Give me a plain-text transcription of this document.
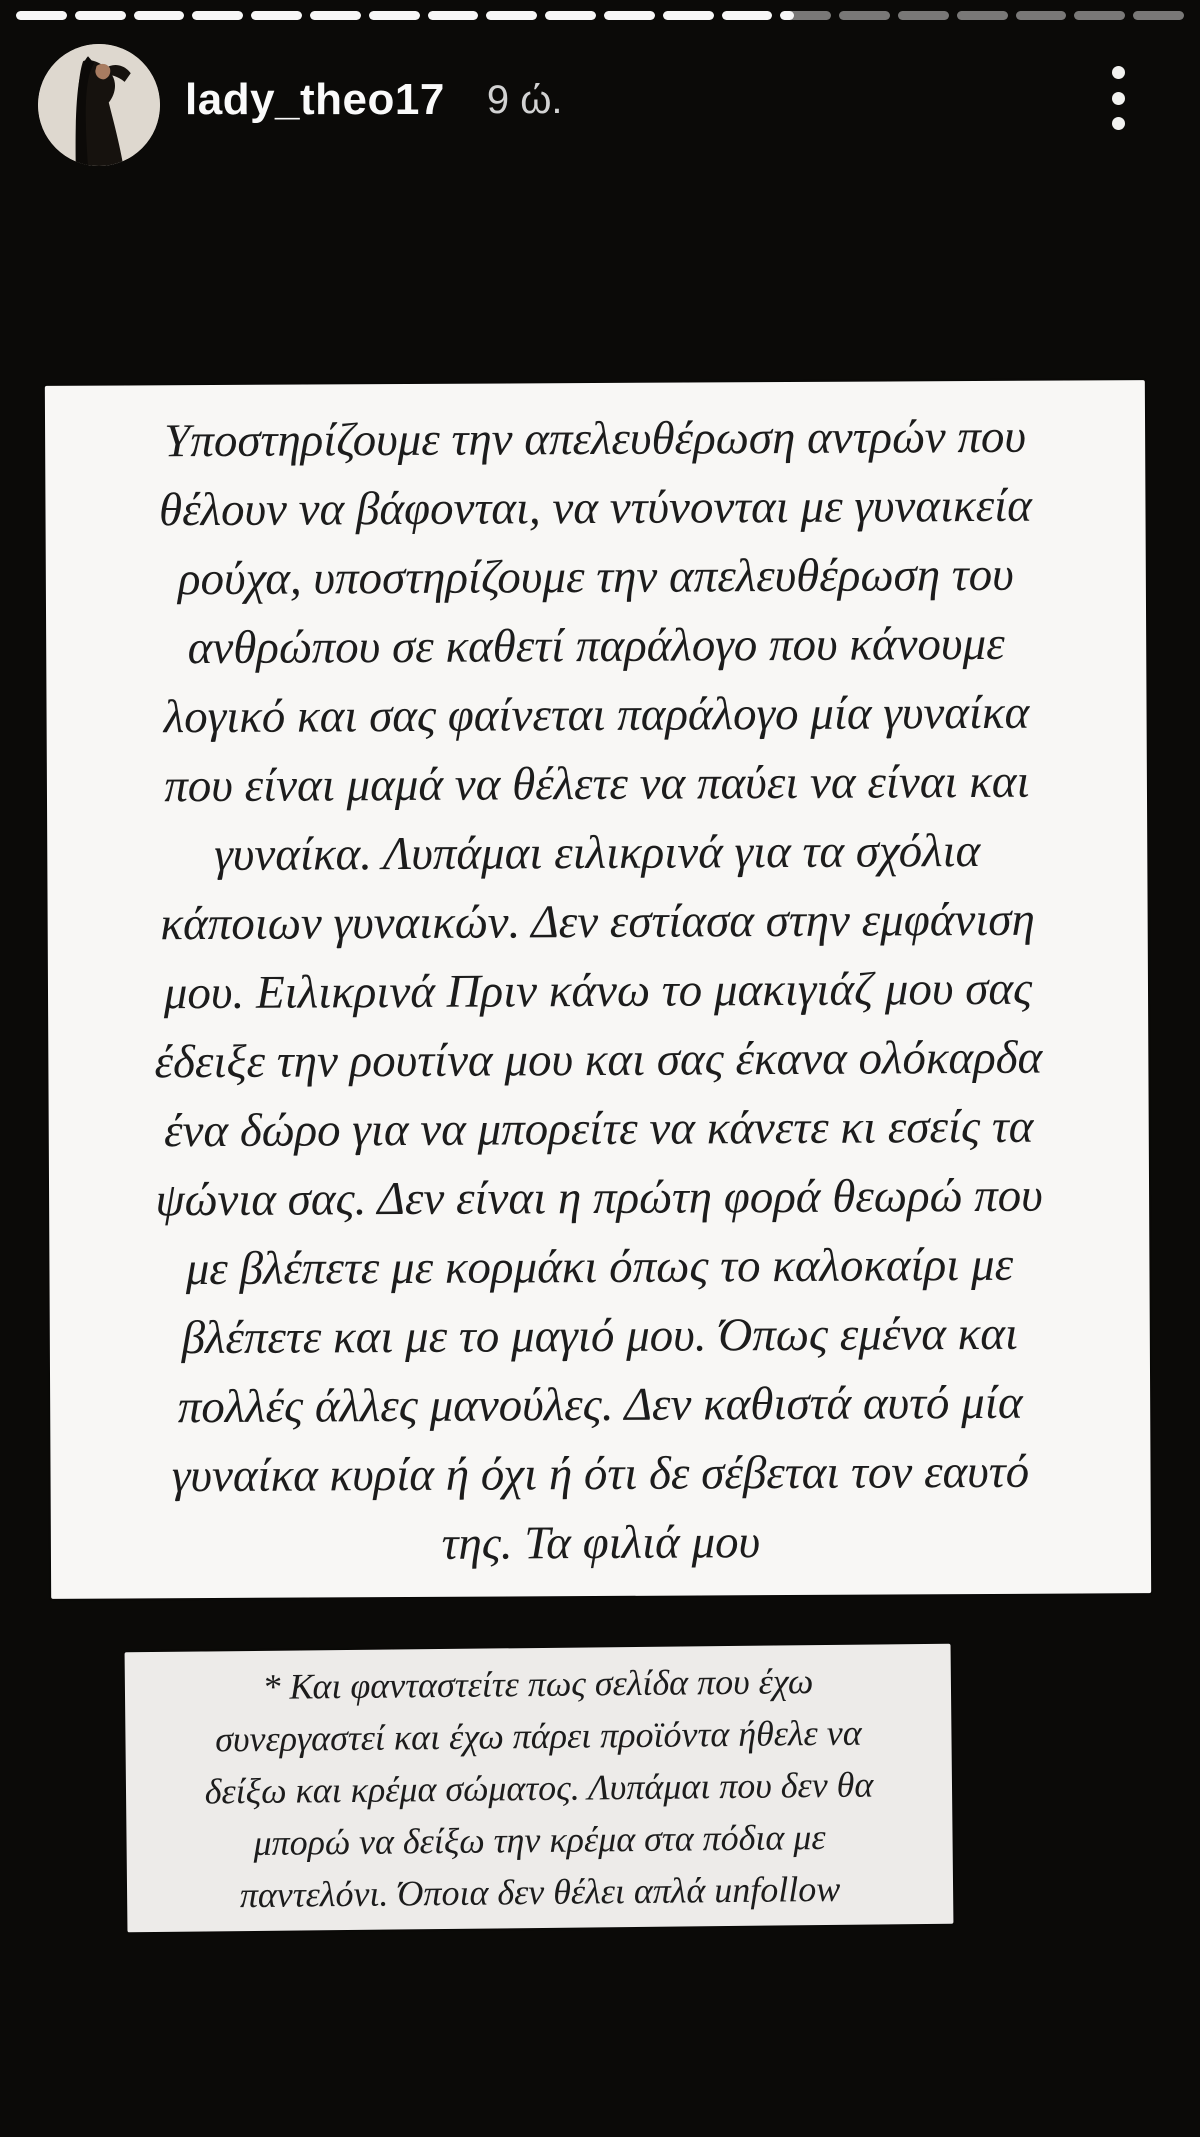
lady_theo17 9 ώ.
Υποστηρίζουμε την απελευθέρωση αντρών που
θέλουν να βάφονται, να ντύνονται με γυναικεία
ρούχα, υποστηρίζουμε την απελευθέρωση του
ανθρώπου σε καθετί παράλογο που κάνουμε
λογικό και σας φαίνεται παράλογο μία γυναίκα
που είναι μαμά να θέλετε να παύει να είναι και
γυναίκα. Λυπάμαι ειλικρινά για τα σχόλια
κάποιων γυναικών. Δεν εστίασα στην εμφάνιση
μου. Ειλικρινά Πριν κάνω το μακιγιάζ μου σας
έδειξε την ρουτίνα μου και σας έκανα ολόκαρδα
ένα δώρο για να μπορείτε να κάνετε κι εσείς τα
ψώνια σας. Δεν είναι η πρώτη φορά θεωρώ που
με βλέπετε με κορμάκι όπως το καλοκαίρι με
βλέπετε και με το μαγιό μου. Όπως εμένα και
πολλές άλλες μανούλες. Δεν καθιστά αυτό μία
γυναίκα κυρία ή όχι ή ότι δε σέβεται τον εαυτό
της. Τα φιλιά μου
* Και φανταστείτε πως σελίδα που έχω
συνεργαστεί και έχω πάρει προϊόντα ήθελε να
δείξω και κρέμα σώματος. Λυπάμαι που δεν θα
μπορώ να δείξω την κρέμα στα πόδια με
παντελόνι. Όποια δεν θέλει απλά unfollow
